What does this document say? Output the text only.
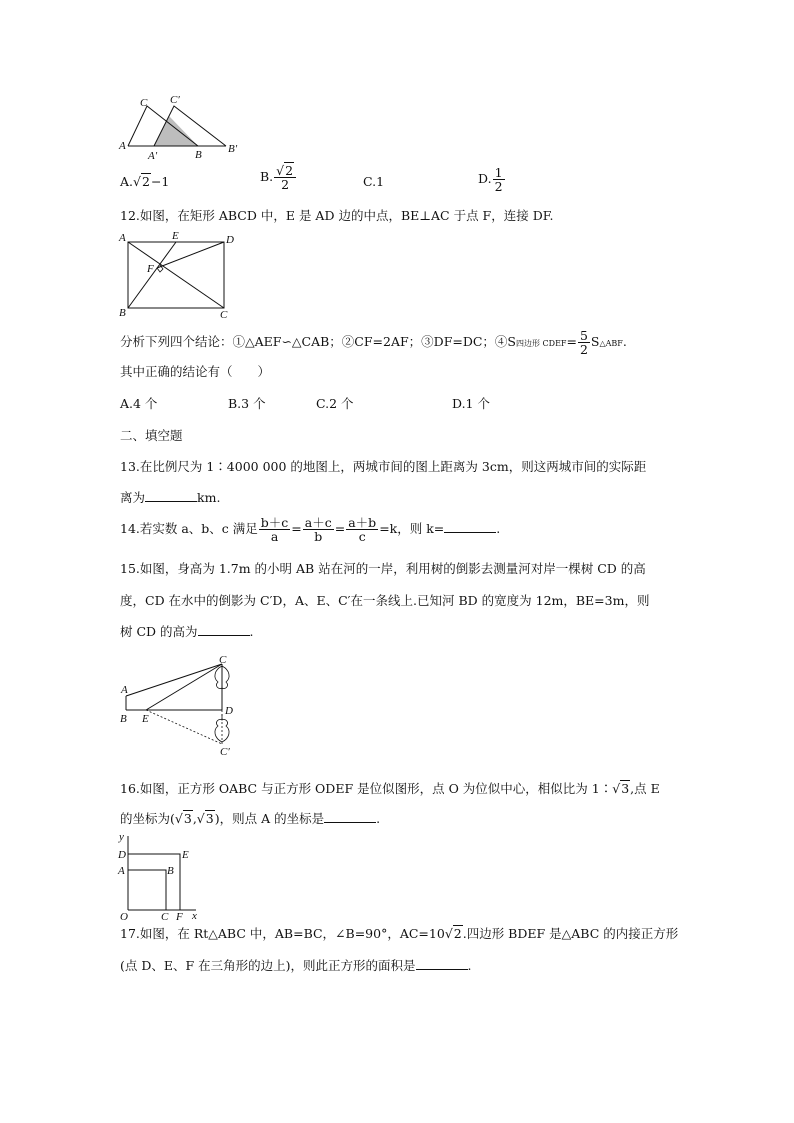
C C′
A
A′	B B′
A.√2−1	B. $\frac{√2}{2}$	C.1	D. $\frac{1}{2}$
12.如图，在矩形 ABCD 中，E 是 AD 边的中点，BE⊥AC 于点 F，连接 DF.
A	E	D
F
B	C
分析下列四个结论：①△AEF∽△CAB；②CF=2AF；③DF=DC；④S四边形 CDEF= $\frac{5}{2}$ S△ABF.
其中正确的结论有（　　）
A.4 个	B.3 个	C.2 个	D.1 个
二、填空题
13.在比例尺为 1∶4000 000 的地图上，两城市间的图上距离为 3cm，则这两城市间的实际距
离为	km.
14.若实数 a、b、c 满足 $\frac{b+c}{a} = \frac{a+c}{b} = \frac{a+b}{c} =k$，则 k=	.
15.如图，身高为 1.7m 的小明 AB 站在河的一岸，利用树的倒影去测量河对岸一棵树 CD 的高
度，CD 在水中的倒影为 C′D，A、E、C′在一条线上.已知河 BD 的宽度为 12m，BE=3m，则
树 CD 的高为	.
C
A
D
B E
C′
16.如图，正方形 OABC 与正方形 ODEF 是位似图形，点 O 为位似中心，相似比为 1∶√3,点 E
的坐标为(√3,√3)，则点 A 的坐标是	.
y
D	E
A	B
O	C F x
17.如图，在 Rt△ABC 中，AB=BC，∠B=90°，AC=10√2.四边形 BDEF 是△ABC 的内接正方形
(点 D、E、F 在三角形的边上)，则此正方形的面积是	.
